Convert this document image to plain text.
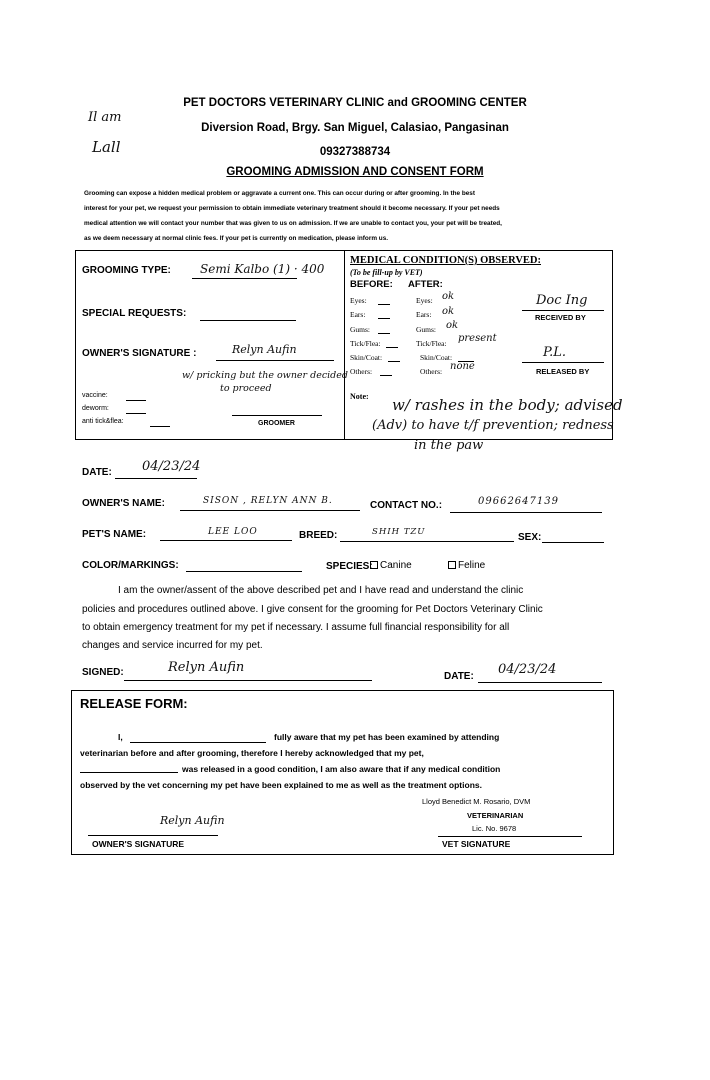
Il am
Lall
PET DOCTORS VETERINARY CLINIC and GROOMING CENTER
Diversion Road, Brgy. San Miguel, Calasiao, Pangasinan
09327388734
GROOMING ADMISSION AND CONSENT FORM
Grooming can expose a hidden medical problem or aggravate a current one. This can occur during or after grooming. In the best
interest for your pet, we request your permission to obtain immediate veterinary treatment should it become necessary. If your pet needs
medical attention we will contact your number that was given to us on admission. If we are unable to contact you, your pet will be treated,
as we deem necessary at normal clinic fees. If your pet is currently on medication, please inform us.
GROOMING TYPE: Semi Kalbo (1) · 400
SPECIAL REQUESTS:
OWNER'S SIGNATURE :	Relyn Aufin
w/ pricking but the owner decided
to proceed
vaccine:
deworm:
anti tick&flea:	GROOMER
MEDICAL CONDITION(S) OBSERVED:
(To be fill-up by VET)
BEFORE: AFTER:
Eyes:	Eyes: ok
Ears:	Ears: ok
Gums:	Gums: ok
Tick/Flea:	Tick/Flea: present
Skin/Coat:	Skin/Coat:
Others:	Others: none
Doc Ing
RECEIVED BY
P.L.
RELEASED BY
Note: w/ rashes in the body; advised
(Adv) to have t/f prevention; redness
in the paw
DATE: 04/23/24
OWNER'S NAME:	SISON , RELYN ANN B.	CONTACT NO.:	09662647139
PET'S NAME:	LEE LOO	BREED:	SHIH TZU	SEX:
COLOR/MARKINGS:	SPECIES: Canine	Feline
I am the owner/assent of the above described pet and I have read and understand the clinic
policies and procedures outlined above. I give consent for the grooming for Pet Doctors Veterinary Clinic
to obtain emergency treatment for my pet if necessary. I assume full financial responsibility for all
changes and service incurred for my pet.
SIGNED:	Relyn Aufin
DATE: 04/23/24
RELEASE FORM:
I,	fully aware that my pet has been examined by attending
veterinarian before and after grooming, therefore I hereby acknowledged that my pet,
was released in a good condition, I am also aware that if any medical condition
observed by the vet concerning my pet have been explained to me as well as the treatment options.
Relyn Aufin
OWNER'S SIGNATURE
Lloyd Benedict M. Rosario, DVM
VETERINARIAN
Lic. No. 9678
VET SIGNATURE
